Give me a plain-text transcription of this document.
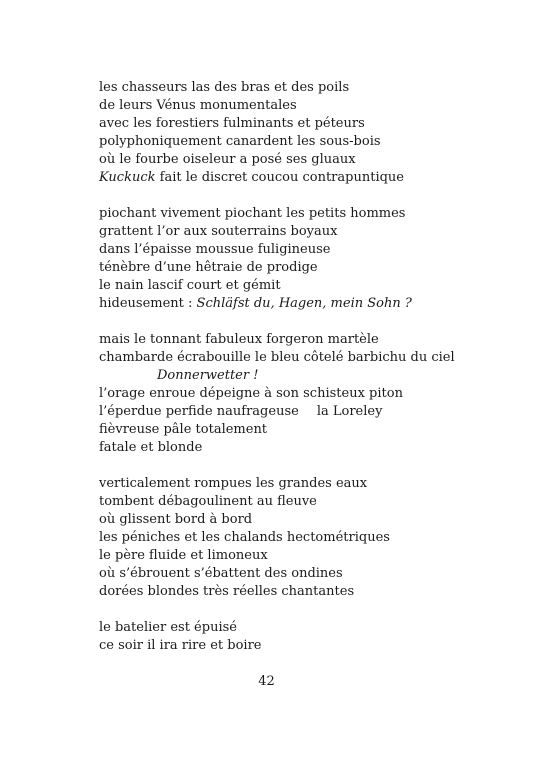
les chasseurs las des bras et des poils
de leurs Vénus monumentales
avec les forestiers fulminants et péteurs
polyphoniquement canardent les sous-bois
où le fourbe oiseleur a posé ses gluaux
Kuckuck fait le discret coucou contrapuntique
piochant vivement piochant les petits hommes
grattent l’or aux souterrains boyaux
dans l’épaisse moussue fuligineuse
ténèbre d’une hêtraie de prodige
le nain lascif court et gémit
hideusement : Schläfst du, Hagen, mein Sohn ?
mais le tonnant fabuleux forgeron martèle
chambarde écrabouille le bleu côtelé barbichu du ciel
Donnerwetter !
l’orage enroue dépeigne à son schisteux piton
l’éperdue perfide naufrageuse la Loreley
fièvreuse pâle totalement
fatale et blonde
verticalement rompues les grandes eaux
tombent débagoulinent au fleuve
où glissent bord à bord
les péniches et les chalands hectométriques
le père fluide et limoneux
où s’ébrouent s’ébattent des ondines
dorées blondes très réelles chantantes
le batelier est épuisé
ce soir il ira rire et boire
42
